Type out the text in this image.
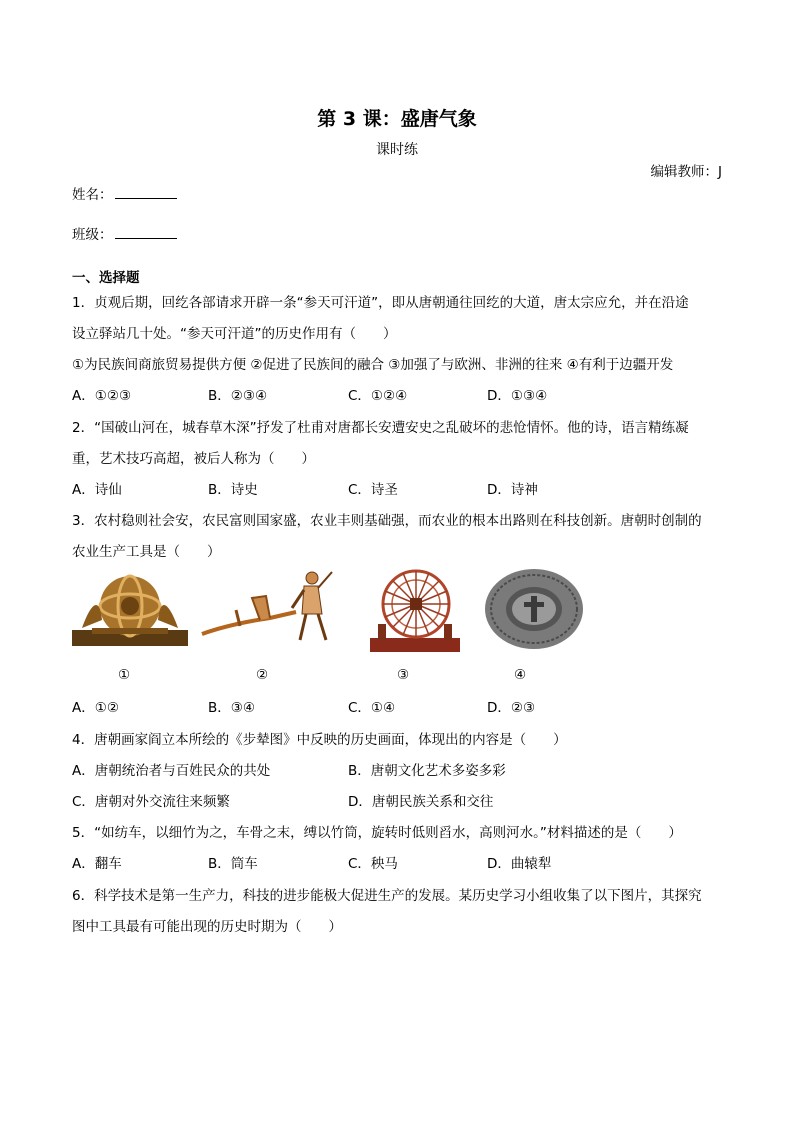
第 3 课：盛唐气象
课时练
编辑教师：J
姓名：
班级：
一、选择题
1．贞观后期，回纥各部请求开辟一条“参天可汗道”，即从唐朝通往回纥的大道，唐太宗应允，并在沿途
设立驿站几十处。“参天可汗道”的历史作用有（　　）
①为民族间商旅贸易提供方便 ②促进了民族间的融合 ③加强了与欧洲、非洲的往来 ④有利于边疆开发
A．①②③	B．②③④	C．①②④	D．①③④
2．“国破山河在，城春草木深”抒发了杜甫对唐都长安遭安史之乱破坏的悲怆情怀。他的诗，语言精练凝
重，艺术技巧高超，被后人称为（　　）
A．诗仙	B．诗史	C．诗圣	D．诗神
3．农村稳则社会安，农民富则国家盛，农业丰则基础强，而农业的根本出路则在科技创新。唐朝时创制的
农业生产工具是（　　）
①	②	③	④
A．①②	B．③④	C．①④	D．②③
4．唐朝画家阎立本所绘的《步辇图》中反映的历史画面，体现出的内容是（　　）
A．唐朝统治者与百姓民众的共处	B．唐朝文化艺术多姿多彩
C．唐朝对外交流往来频繁	D．唐朝民族关系和交往
5．“如纺车，以细竹为之，车骨之末，缚以竹筒，旋转时低则舀水，高则河水。”材料描述的是（　　）
A．翻车	B．筒车	C．秧马	D．曲辕犁
6．科学技术是第一生产力，科技的进步能极大促进生产的发展。某历史学习小组收集了以下图片，其探究
图中工具最有可能出现的历史时期为（　　）
